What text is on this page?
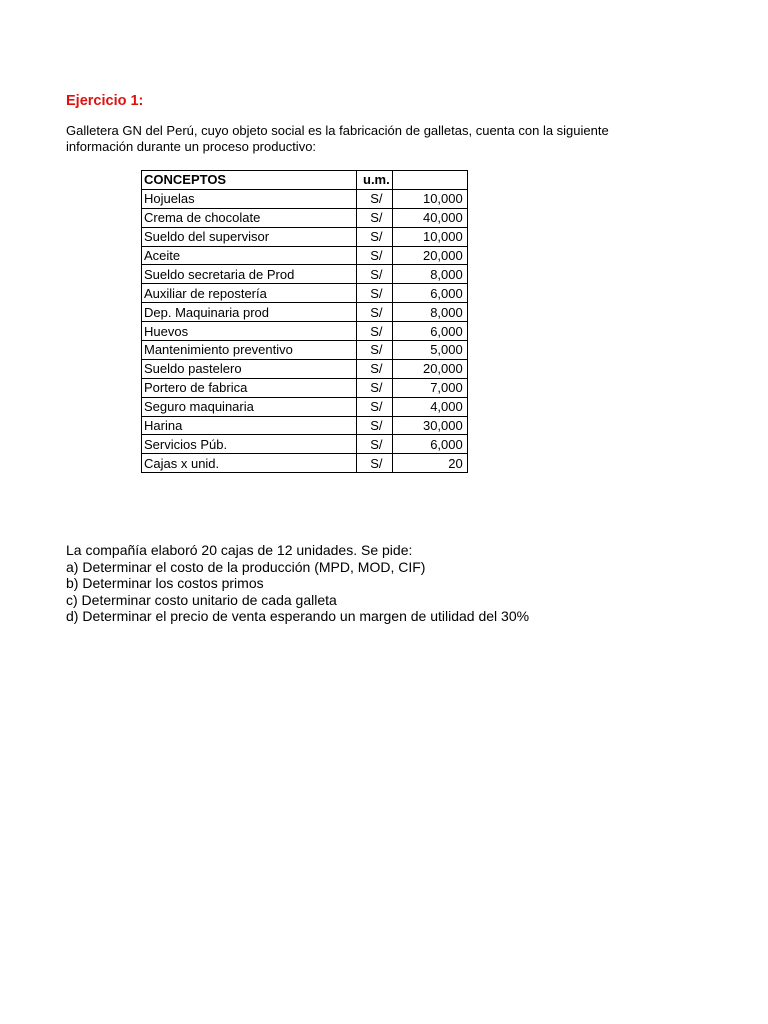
Ejercicio 1:
Galletera GN del Perú, cuyo objeto social es la fabricación de galletas, cuenta con la siguiente información durante un proceso productivo:
CONCEPTOS	u.m.	
Hojuelas	S/	10,000
Crema de chocolate	S/	40,000
Sueldo del supervisor	S/	10,000
Aceite	S/	20,000
Sueldo secretaria de Prod	S/	8,000
Auxiliar de repostería	S/	6,000
Dep. Maquinaria prod	S/	8,000
Huevos	S/	6,000
Mantenimiento preventivo	S/	5,000
Sueldo pastelero	S/	20,000
Portero de fabrica	S/	7,000
Seguro maquinaria	S/	4,000
Harina	S/	30,000
Servicios Púb.	S/	6,000
Cajas x unid.	S/	20
La compañía elaboró 20 cajas de 12 unidades. Se pide:
a) Determinar el costo de la producción (MPD, MOD, CIF)
b) Determinar los costos primos
c) Determinar costo unitario de cada galleta
d) Determinar el precio de venta esperando un margen de utilidad del 30%
